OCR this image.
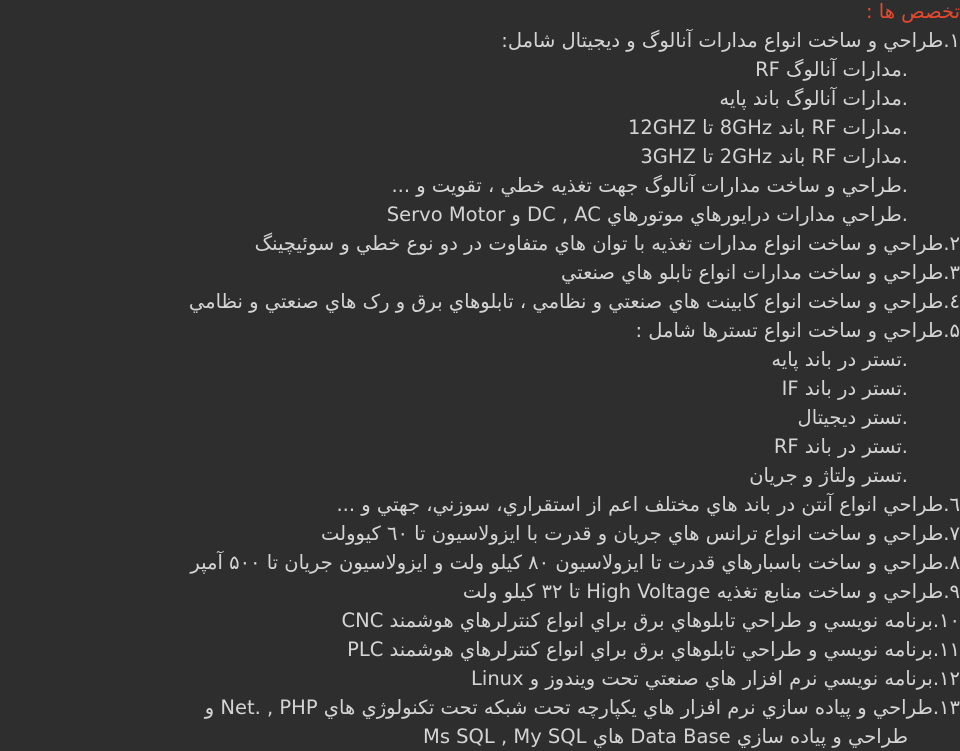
تخصص ها :
۱.طراحي و ساخت انواع مدارات آنالوگ و ديجيتال شامل:
.مدارات آنالوگ RF
.مدارات آنالوگ باند پايه
.مدارات RF باند 8GHz تا 12GHZ
.مدارات RF باند 2GHz تا 3GHZ
.طراحي و ساخت مدارات آنالوگ جهت تغذيه خطي ، تقويت و ...
.طراحي مدارات درايورهاي موتورهاي DC , AC و Servo Motor
۲.طراحي و ساخت انواع مدارات تغذيه با توان هاي متفاوت در دو نوع خطي و سوئيچينگ
۳.طراحي و ساخت مدارات انواع تابلو هاي صنعتي
٤.طراحي و ساخت انواع کابينت هاي صنعتي و نظامي ، تابلوهاي برق و رک هاي صنعتي و نظامي
۵.طراحي و ساخت انواع تسترها شامل :
.تستر در باند پايه
.تستر در باند IF
.تستر ديجيتال
.تستر در باند RF
.تستر ولتاژ و جريان
٦.طراحي انواع آنتن در باند هاي مختلف اعم از استقراري، سوزني، جهتي و ...
۷.طراحي و ساخت انواع ترانس هاي جريان و قدرت با ايزولاسيون تا ٦۰ کيوولت
۸.طراحي و ساخت باسبارهاي قدرت تا ايزولاسيون ۸۰ کيلو ولت و ايزولاسيون جريان تا ۵۰۰ آمپر
۹.طراحي و ساخت منابع تغذيه High Voltage تا ۳۲ کيلو ولت
۱۰.برنامه نويسي و طراحي تابلوهاي برق براي انواع کنترلرهاي هوشمند CNC
۱۱.برنامه نويسي و طراحي تابلوهاي برق براي انواع کنترلرهاي هوشمند PLC
۱۲.برنامه نويسي نرم افزار هاي صنعتي تحت ويندوز و Linux
۱۳.طراحي و پياده سازي نرم افزار هاي يکپارچه تحت شبکه تحت تکنولوژي هاي Net. , PHP و
طراحي و پياده سازي Data Base هاي Ms SQL , My SQL
